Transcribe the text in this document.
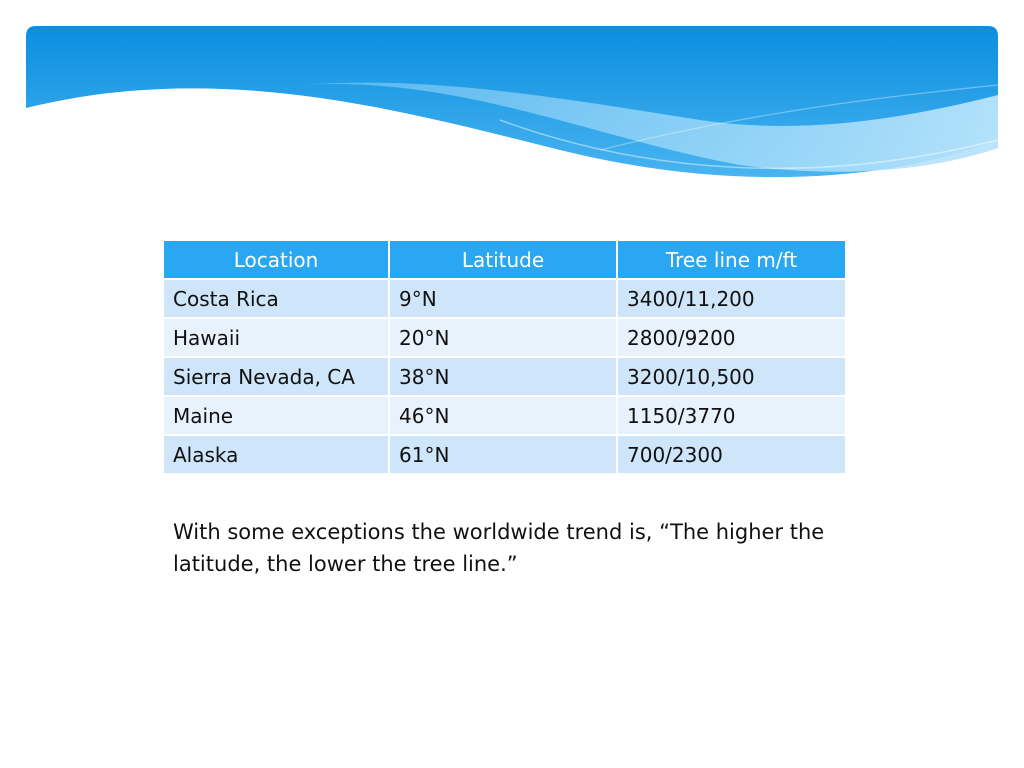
Location	Latitude	Tree line m/ft
Costa Rica	9°N	3400/11,200
Hawaii	20°N	2800/9200
Sierra Nevada, CA	38°N	3200/10,500
Maine	46°N	1150/3770
Alaska	61°N	700/2300
With some exceptions the worldwide trend is, “The higher the latitude, the lower the tree line.”
